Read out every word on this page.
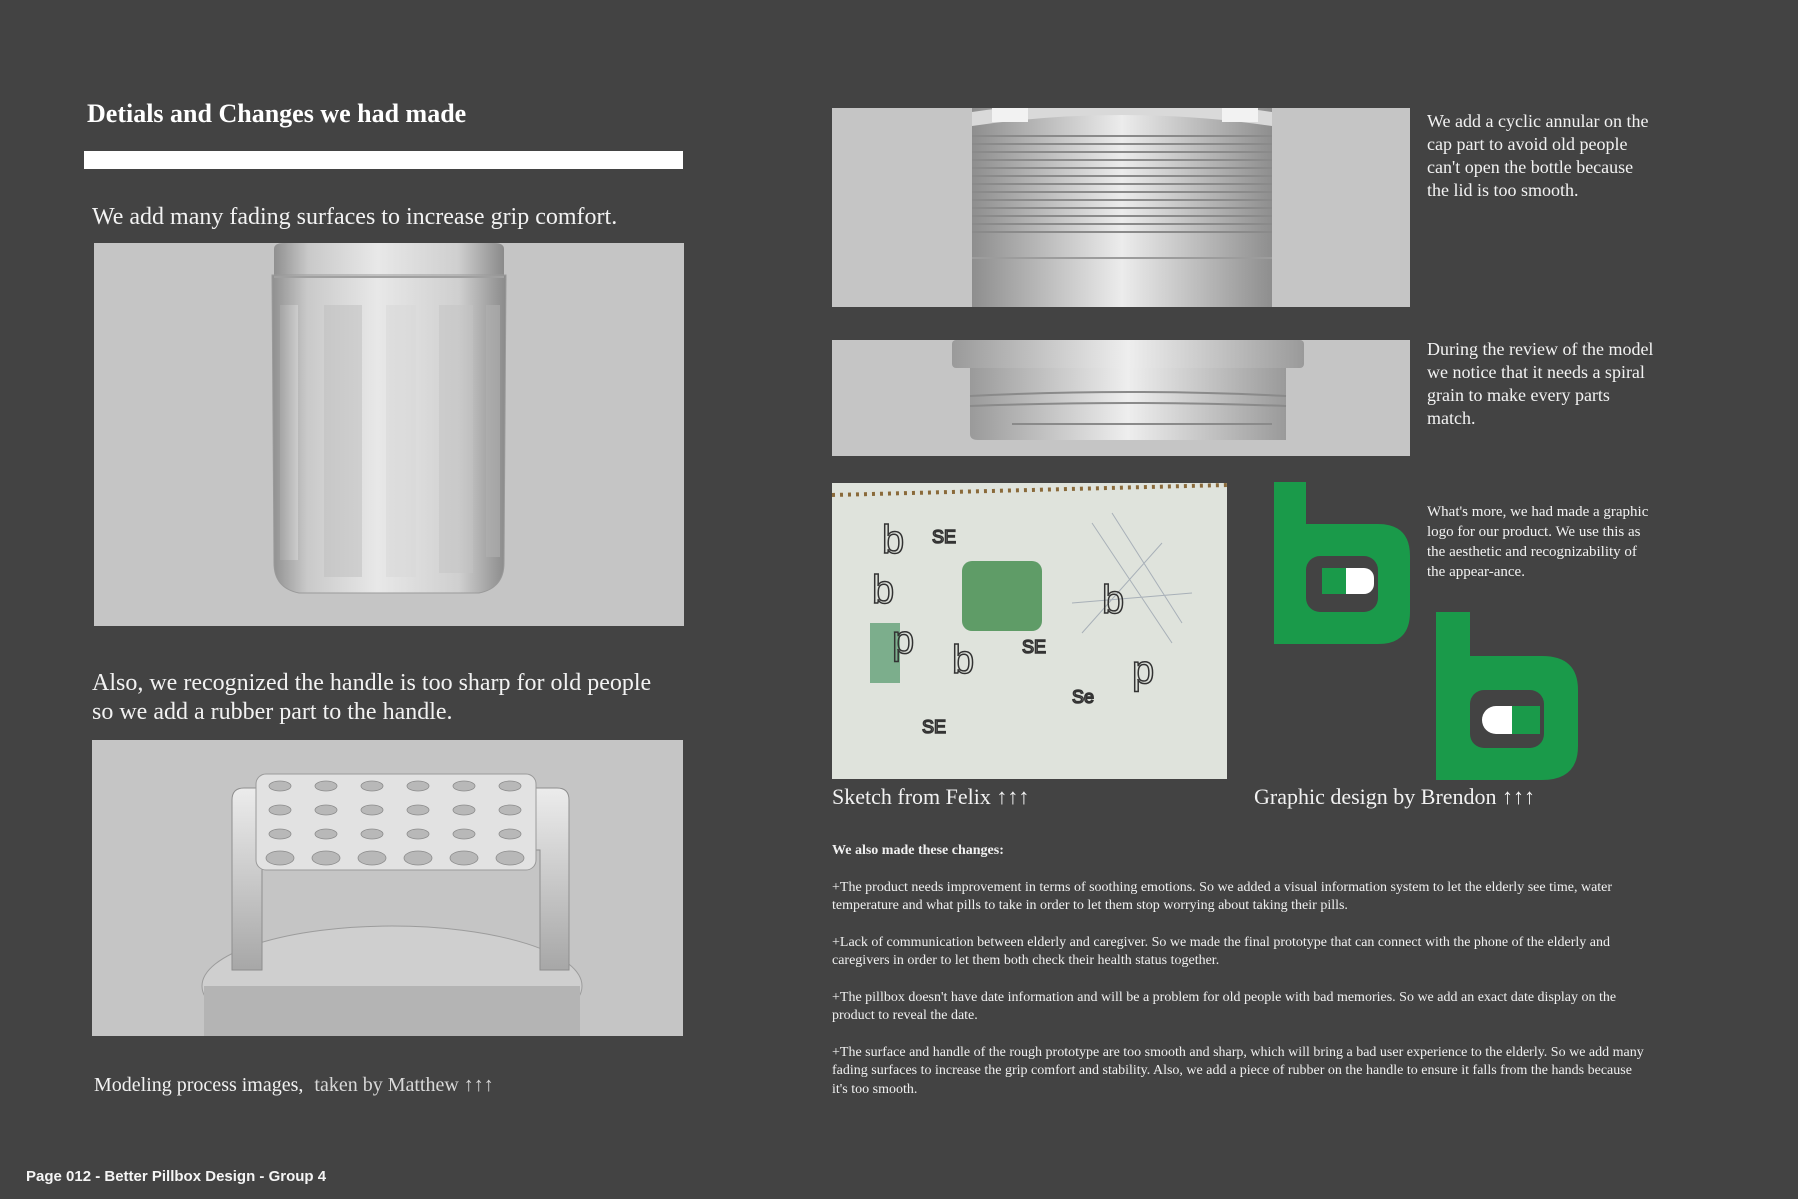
Detials and Changes we had made
We add many fading surfaces to increase grip comfort.
Also, we recognized the handle is too sharp for old people
so we add a rubber part to the handle.
Modeling process images, taken by Matthew ↑↑↑
We add a cyclic annular on the cap part to avoid old people can't open the bottle because the lid is too smooth.
During the review of the model we notice that it needs a spiral grain to make every parts match.
b SE
b
p b	SE
Se
SE
b
p
Sketch from Felix ↑↑↑
What's more, we had made a graphic logo for our product. We use this as the aesthetic and recognizability of the appear-ance.
Graphic design by Brendon ↑↑↑
We also made these changes:

+The product needs improvement in terms of soothing emotions. So we added a visual information system to let the elderly see time, water temperature and what pills to take in order to let them stop worrying about taking their pills.

+Lack of communication between elderly and caregiver. So we made the final prototype that can connect with the phone of the elderly and caregivers in order to let them both check their health status together.

+The pillbox doesn't have date information and will be a problem for old people with bad memories. So we add an exact date display on the product to reveal the date.

+The surface and handle of the rough prototype are too smooth and sharp, which will bring a bad user experience to the elderly. So we add many fading surfaces to increase the grip comfort and stability. Also, we add a piece of rubber on the handle to ensure it falls from the hands because it's too smooth.

Page 012 - Better Pillbox Design - Group 4
